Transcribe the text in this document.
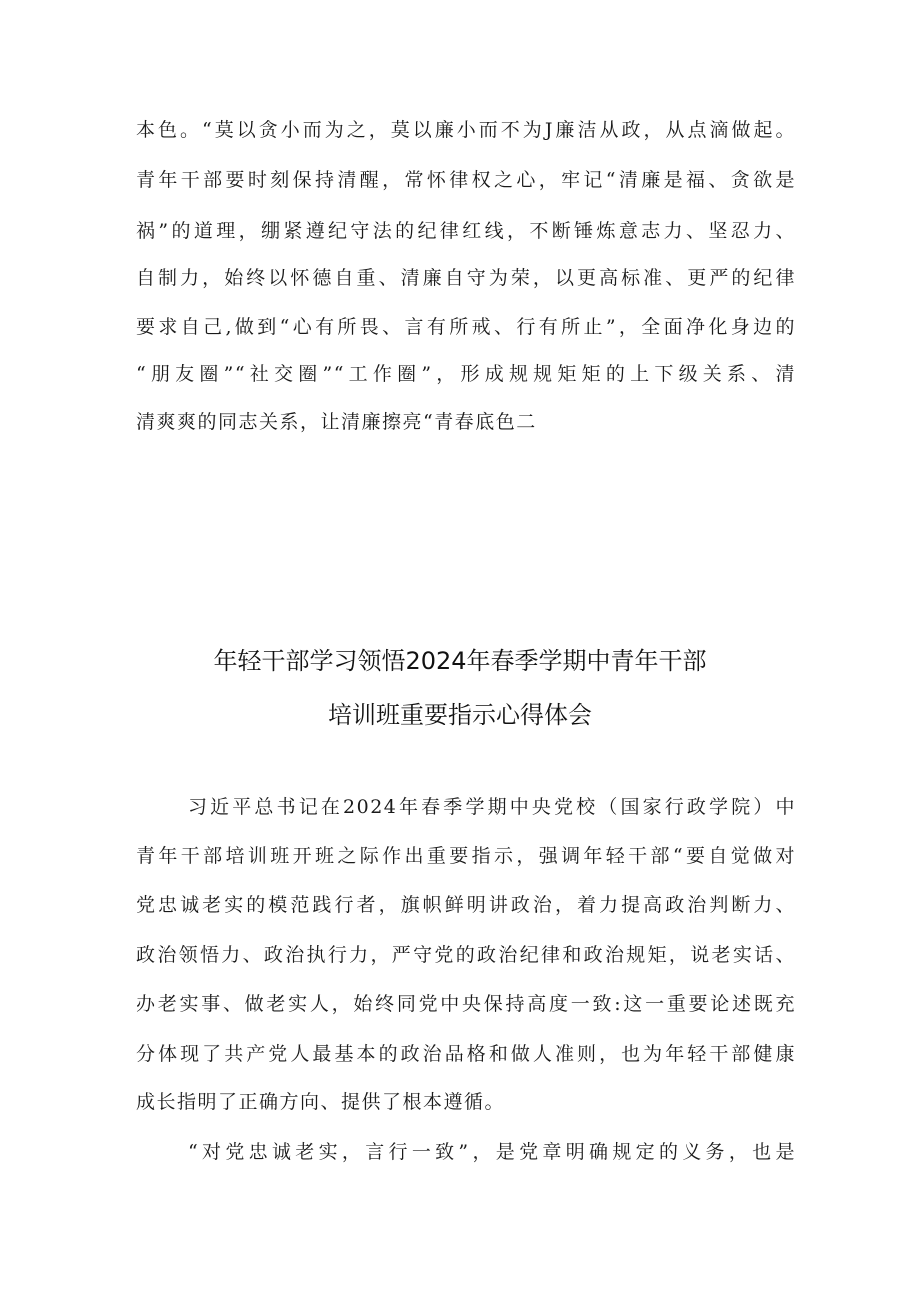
本色。“莫以贪小而为之，莫以廉小而不为J廉洁从政，从点滴做起。
青年干部要时刻保持清醒，常怀律权之心，牢记“清廉是福、贪欲是
祸”的道理，绷紧遵纪守法的纪律红线，不断锤炼意志力、坚忍力、
自制力，始终以怀德自重、清廉自守为荣，以更高标准、更严的纪律
要求自己,做到“心有所畏、言有所戒、行有所止”，全面净化身边的
“朋友圈”“社交圈”“工作圈”，形成规规矩矩的上下级关系、清
清爽爽的同志关系，让清廉擦亮“青春底色二
年轻干部学习领悟2024年春季学期中青年干部
培训班重要指示心得体会
习近平总书记在2024年春季学期中央党校（国家行政学院）中
青年干部培训班开班之际作出重要指示，强调年轻干部“要自觉做对
党忠诚老实的模范践行者，旗帜鲜明讲政治，着力提高政治判断力、
政治领悟力、政治执行力，严守党的政治纪律和政治规矩，说老实话、
办老实事、做老实人，始终同党中央保持高度一致:这一重要论述既充
分体现了共产党人最基本的政治品格和做人准则，也为年轻干部健康
成长指明了正确方向、提供了根本遵循。
“对党忠诚老实，言行一致”，是党章明确规定的义务，也是
